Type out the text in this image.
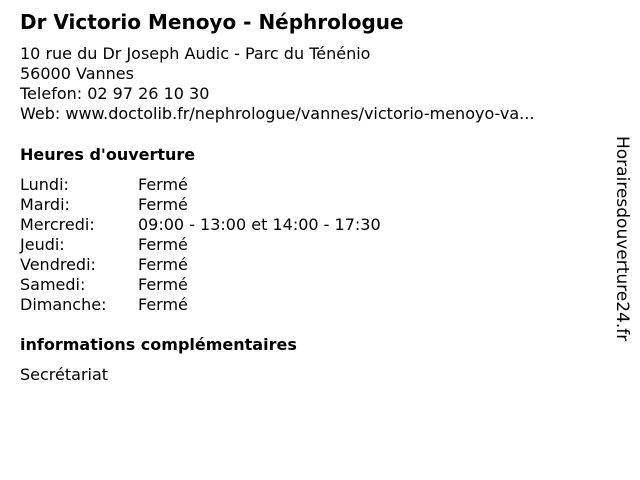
Dr Victorio Menoyo - Néphrologue
10 rue du Dr Joseph Audic - Parc du Ténénio
56000 Vannes
Telefon: 02 97 26 10 30
Web: www.doctolib.fr/nephrologue/vannes/victorio-menoyo-va...
Heures d'ouverture
Lundi:	Fermé
Mardi:	Fermé
Mercredi:	09:00 - 13:00 et 14:00 - 17:30
Jeudi:	Fermé
Vendredi:	Fermé
Samedi:	Fermé
Dimanche: Fermé
informations complémentaires
Secrétariat
Horairesdouverture24.fr
